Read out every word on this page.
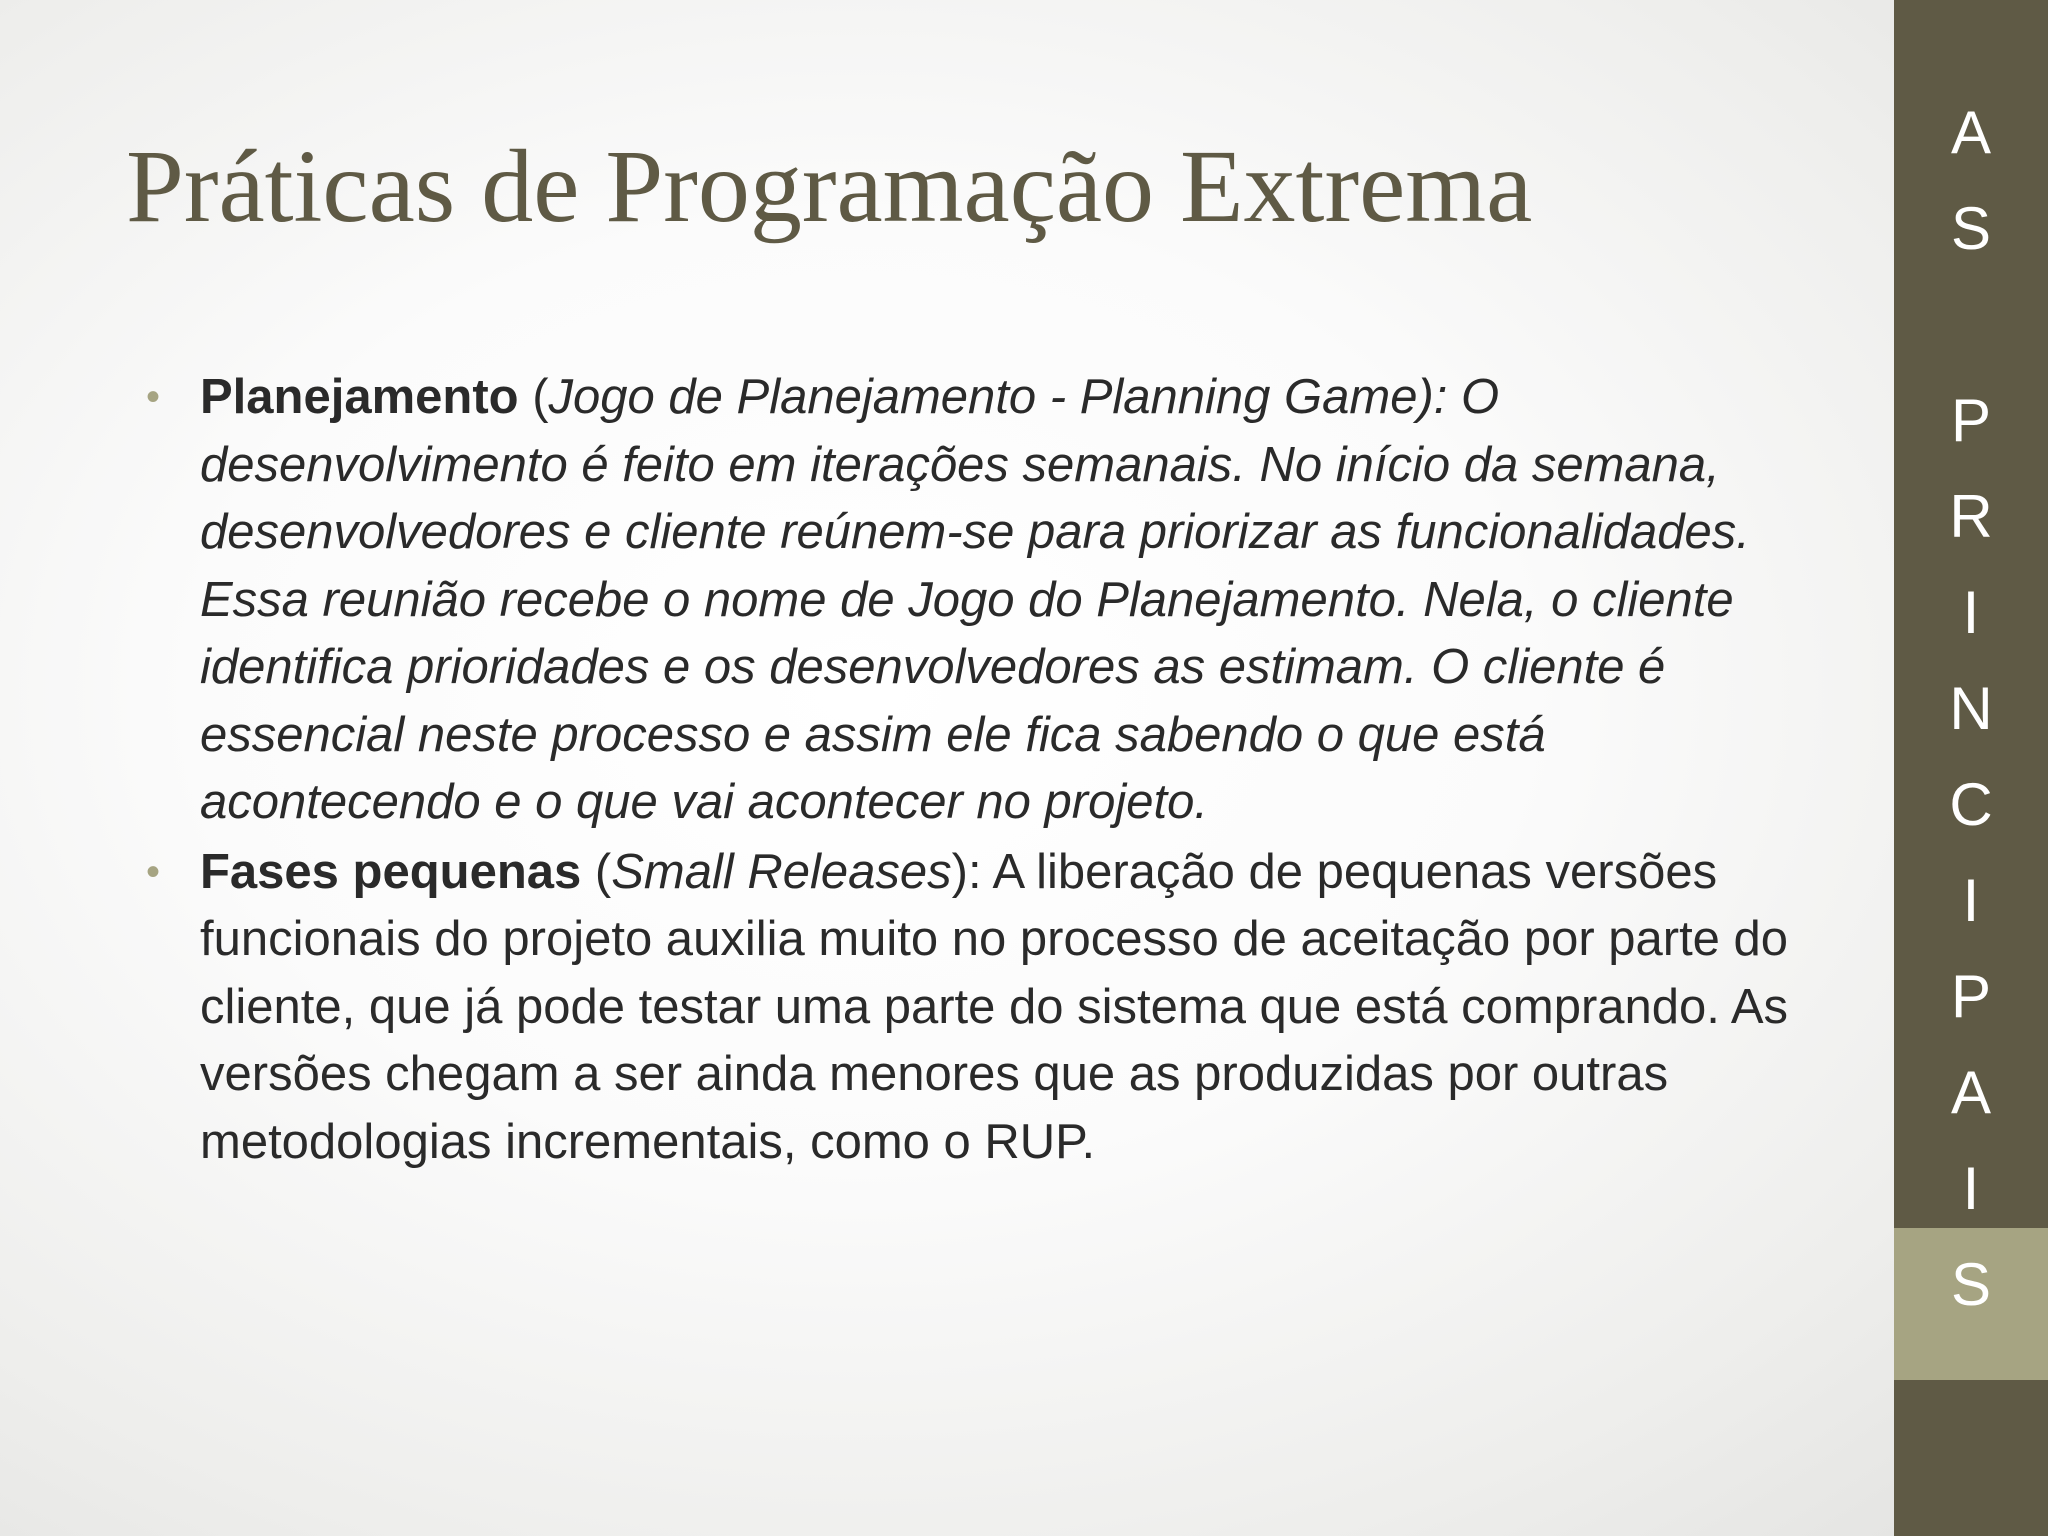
Práticas de Programação Extrema
• Planejamento (Jogo de Planejamento - Planning Game): O desenvolvimento é feito em iterações semanais. No início da semana, desenvolvedores e cliente reúnem-se para priorizar as funcionalidades. Essa reunião recebe o nome de Jogo do Planejamento. Nela, o cliente identifica prioridades e os desenvolvedores as estimam. O cliente é essencial neste processo e assim ele fica sabendo o que está acontecendo e o que vai acontecer no projeto.
• Fases pequenas (Small Releases): A liberação de pequenas versões funcionais do projeto auxilia muito no processo de aceitação por parte do cliente, que já pode testar uma parte do sistema que está comprando. As versões chegam a ser ainda menores que as produzidas por outras metodologias incrementais, como o RUP.
A
S
P
R
I
N
C
I
P
A
I
S
